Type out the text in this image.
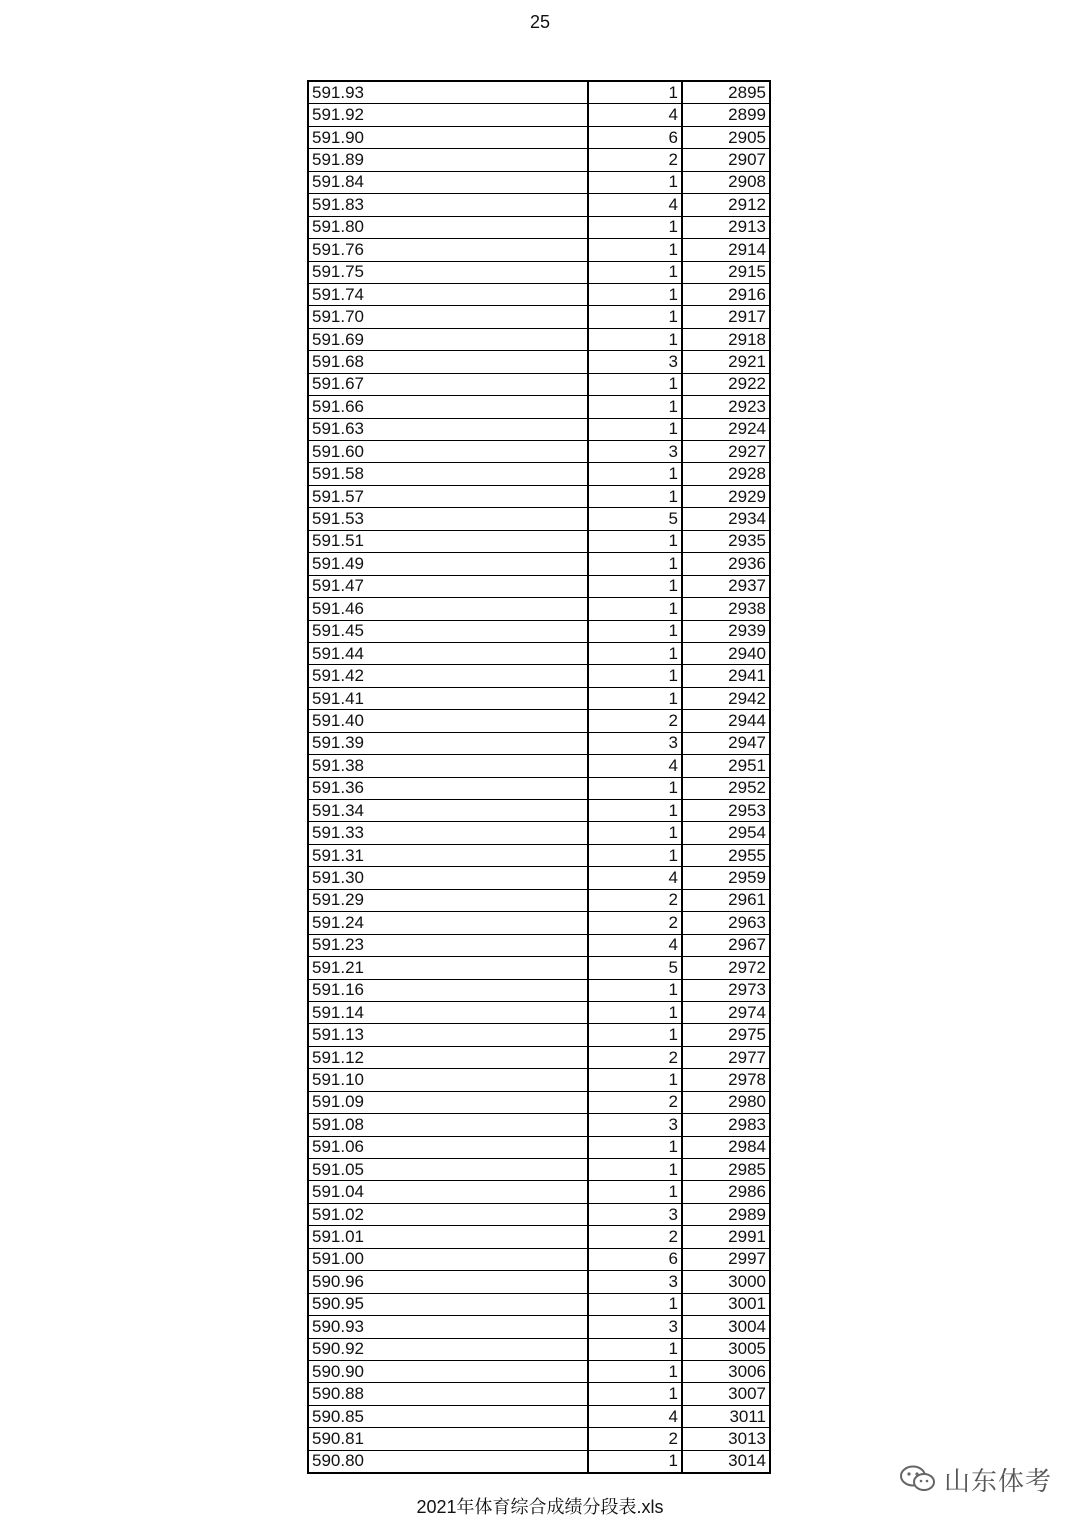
25
591.93	1	2895
591.92	4	2899
591.90	6	2905
591.89	2	2907
591.84	1	2908
591.83	4	2912
591.80	1	2913
591.76	1	2914
591.75	1	2915
591.74	1	2916
591.70	1	2917
591.69	1	2918
591.68	3	2921
591.67	1	2922
591.66	1	2923
591.63	1	2924
591.60	3	2927
591.58	1	2928
591.57	1	2929
591.53	5	2934
591.51	1	2935
591.49	1	2936
591.47	1	2937
591.46	1	2938
591.45	1	2939
591.44	1	2940
591.42	1	2941
591.41	1	2942
591.40	2	2944
591.39	3	2947
591.38	4	2951
591.36	1	2952
591.34	1	2953
591.33	1	2954
591.31	1	2955
591.30	4	2959
591.29	2	2961
591.24	2	2963
591.23	4	2967
591.21	5	2972
591.16	1	2973
591.14	1	2974
591.13	1	2975
591.12	2	2977
591.10	1	2978
591.09	2	2980
591.08	3	2983
591.06	1	2984
591.05	1	2985
591.04	1	2986
591.02	3	2989
591.01	2	2991
591.00	6	2997
590.96	3	3000
590.95	1	3001
590.93	3	3004
590.92	1	3005
590.90	1	3006
590.88	1	3007
590.85	4	3011
590.81	2	3013
590.80	1	3014
2021年体育综合成绩分段表.xls
山东体考
